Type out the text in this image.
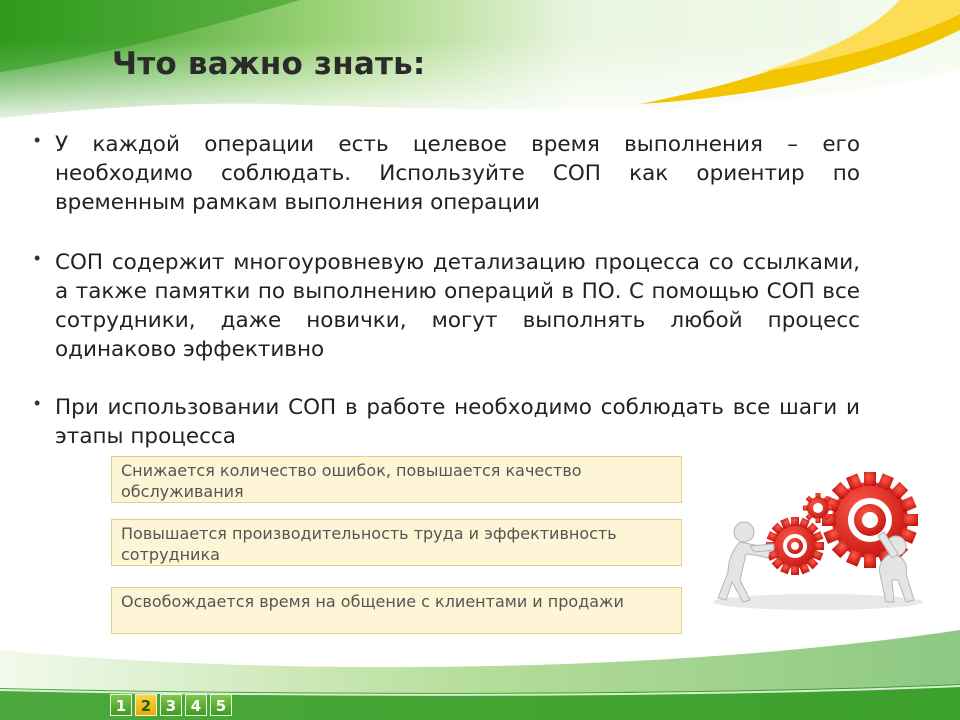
Что важно знать:
• У каждой операции есть целевое время выполнения – его необходимо соблюдать. Используйте СОП как ориентир по временным рамкам выполнения операции
• СОП содержит многоуровневую детализацию процесса со ссылками, а также памятки по выполнению операций в ПО. С помощью СОП все сотрудники, даже новички, могут выполнять любой процесс одинаково эффективно
• При использовании СОП в работе необходимо соблюдать все шаги и этапы процесса
Снижается количество ошибок, повышается качество обслуживания
Повышается производительность труда и эффективность сотрудника
Освобождается время на общение с клиентами и продажи
1 2 3 4 5
